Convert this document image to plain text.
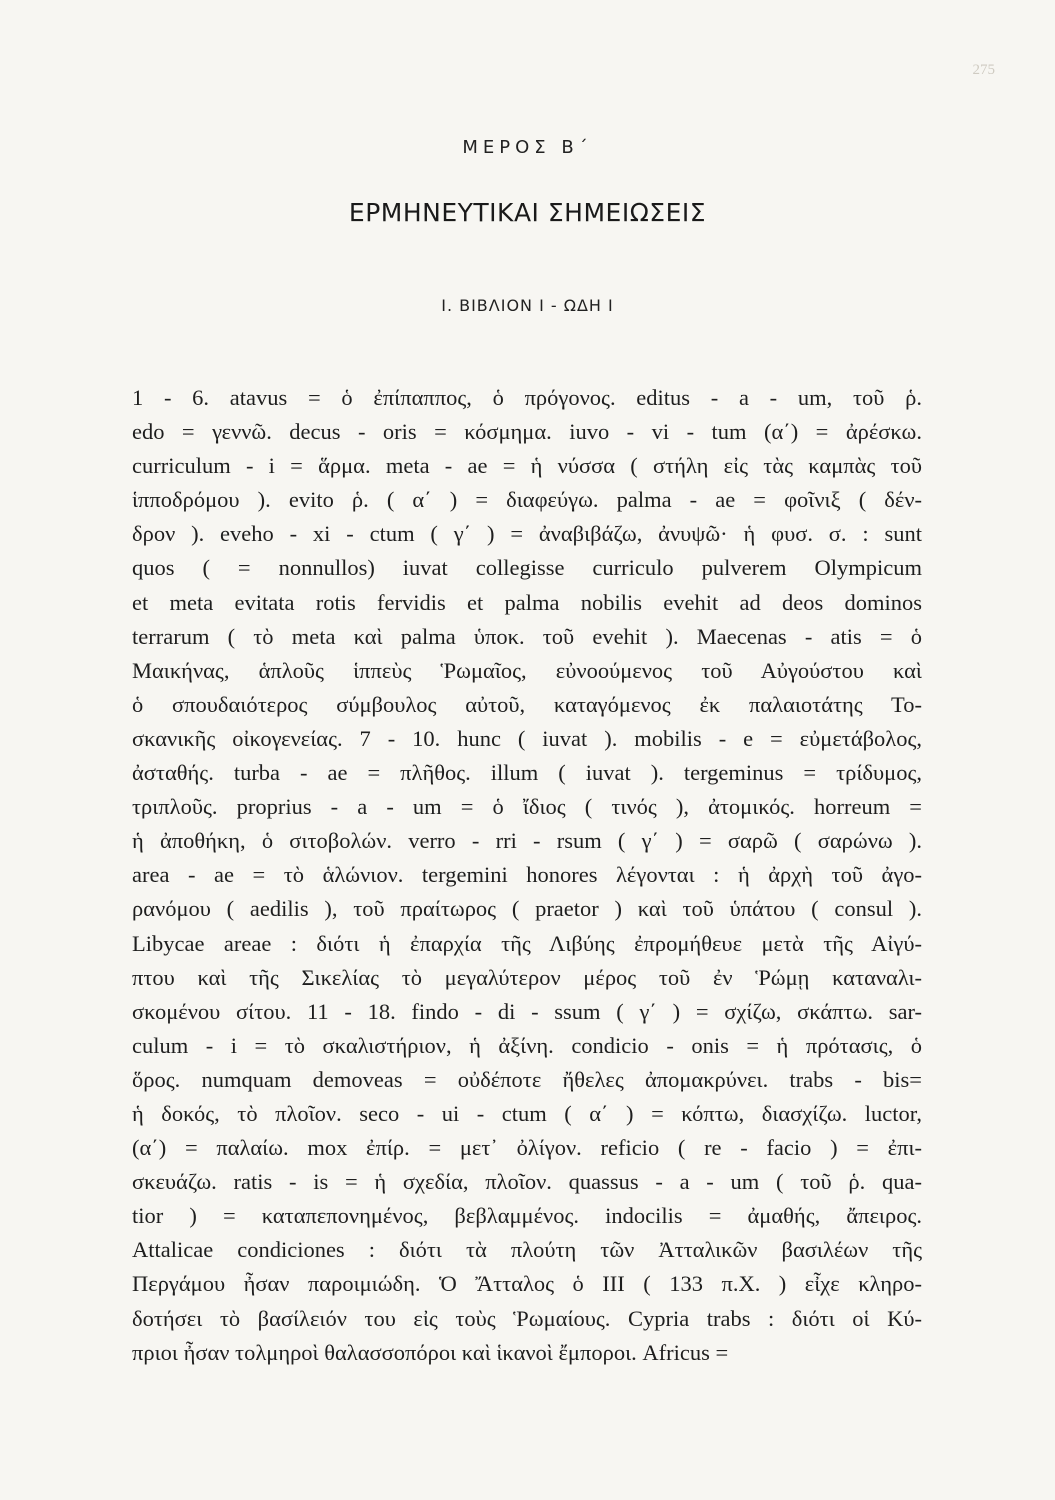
275
ΜΕΡΟΣ Β΄
ΕΡΜΗΝΕΥΤΙΚΑΙ ΣΗΜΕΙΩΣΕΙΣ
I. ΒΙΒΛΙΟΝ I - ΩΔΗ I
1 - 6. atavus = ὁ ἐπίπαππος, ὁ πρόγονος. editus - a - um, τοῦ ῥ.
edo = γεννῶ. decus - oris = κόσμημα. iuvo - vi - tum (α΄) = ἀρέσκω.
curriculum - i = ἅρμα. meta - ae = ἡ νύσσα ( στήλη εἰς τὰς καμπὰς τοῦ
ἱπποδρόμου ). evito ῥ. ( α΄ ) = διαφεύγω. palma - ae = φοῖνιξ ( δέν-
δρον ). eveho - xi - ctum ( γ΄ ) = ἀναβιβάζω, ἀνυψῶ· ἡ φυσ. σ. : sunt
quos ( = nonnullos) iuvat collegisse curriculo pulverem Olympicum
et meta evitata rotis fervidis et palma nobilis evehit ad deos dominos
terrarum ( τὸ meta καὶ palma ὑποκ. τοῦ evehit ). Maecenas - atis = ὁ
Μαικήνας, ἁπλοῦς ἱππεὺς Ῥωμαῖος, εὐνοούμενος τοῦ Αὐγούστου καὶ
ὁ σπουδαιότερος σύμβουλος αὐτοῦ, καταγόμενος ἐκ παλαιοτάτης Το-
σκανικῆς οἰκογενείας. 7 - 10. hunc ( iuvat ). mobilis - e = εὐμετάβολος,
ἀσταθής. turba - ae = πλῆθος. illum ( iuvat ). tergeminus = τρίδυμος,
τριπλοῦς. proprius - a - um = ὁ ἴδιος ( τινός ), ἀτομικός. horreum =
ἡ ἀποθήκη, ὁ σιτοβολών. verro - rri - rsum ( γ΄ ) = σαρῶ ( σαρώνω ).
area - ae = τὸ ἁλώνιον. tergemini honores λέγονται : ἡ ἀρχὴ τοῦ ἀγο-
ρανόμου ( aedilis ), τοῦ πραίτωρος ( praetor ) καὶ τοῦ ὑπάτου ( consul ).
Libycae areae : διότι ἡ ἐπαρχία τῆς Λιβύης ἐπρομήθευε μετὰ τῆς Αἰγύ-
πτου καὶ τῆς Σικελίας τὸ μεγαλύτερον μέρος τοῦ ἐν Ῥώμῃ καταναλι-
σκομένου σίτου. 11 - 18. findo - di - ssum ( γ΄ ) = σχίζω, σκάπτω. sar-
culum - i = τὸ σκαλιστήριον, ἡ ἀξίνη. condicio - onis = ἡ πρότασις, ὁ
ὅρος. numquam demoveas = οὐδέποτε ἤθελες ἀπομακρύνει. trabs - bis=
ἡ δοκός, τὸ πλοῖον. seco - ui - ctum ( α΄ ) = κόπτω, διασχίζω. luctor,
(α΄) = παλαίω. mox ἐπίρ. = μετ᾿ ὀλίγον. reficio ( re - facio ) = ἐπι-
σκευάζω. ratis - is = ἡ σχεδία, πλοῖον. quassus - a - um ( τοῦ ῥ. qua-
tior ) = καταπεπονημένος, βεβλαμμένος. indocilis = ἀμαθής, ἄπειρος.
Attalicae condiciones : διότι τὰ πλούτη τῶν Ἀτταλικῶν βασιλέων τῆς
Περγάμου ἦσαν παροιμιώδη. Ὁ Ἄτταλος ὁ III ( 133 π.Χ. ) εἶχε κληρο-
δοτήσει τὸ βασίλειόν του εἰς τοὺς Ῥωμαίους. Cypria trabs : διότι οἱ Κύ-
πριοι ἦσαν τολμηροὶ θαλασσοπόροι καὶ ἱκανοὶ ἔμποροι. Africus =
